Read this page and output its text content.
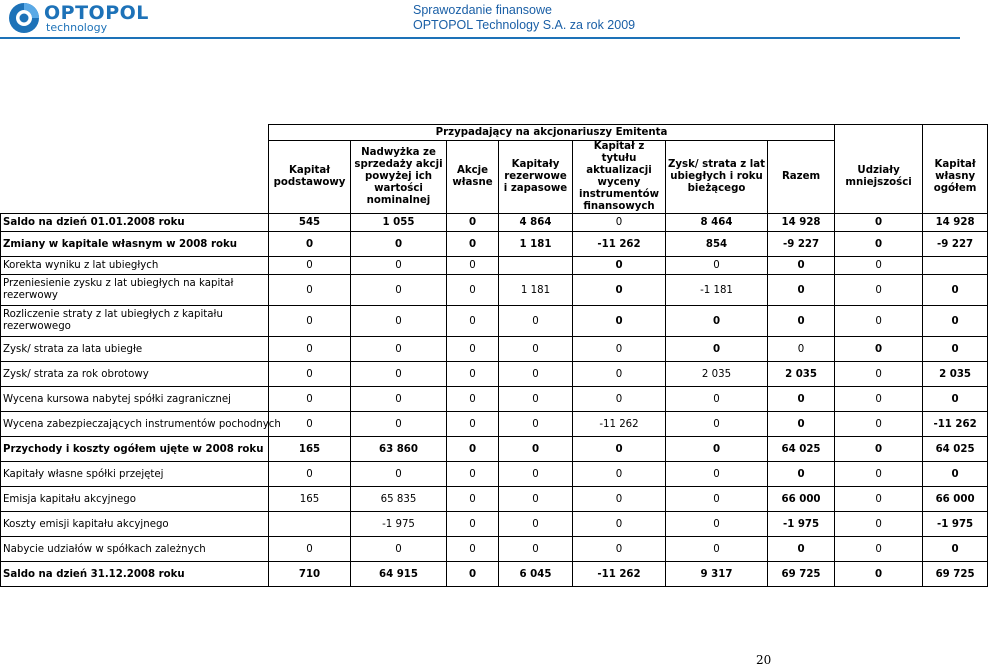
OPTOPOL
technology
Sprawozdanie finansowe
OPTOPOL Technology S.A. za rok 2009
	Przypadający na akcjonariuszy Emitenta								
	Kapitał podstawowy	Nadwyżka ze sprzedaży akcji powyżej ich wartości nominalnej	Akcje własne	Kapitały rezerwowe i zapasowe	Kapitał z tytułu aktualizacji wyceny instrumentów finansowych	Zysk/ strata z lat ubiegłych i roku bieżącego	Razem	Udziały mniejszości	Kapitał własny ogółem
Saldo na dzień 01.01.2008 roku	545	1 055	0	4 864	0	8 464	14 928	0	14 928
Zmiany w kapitale własnym w 2008 roku	0	0	0	1 181	-11 262	854	-9 227	0	-9 227
Korekta wyniku z lat ubiegłych	0	0	0		0	0	0	0	
Przeniesienie zysku z lat ubiegłych na kapitał rezerwowy	0	0	0	1 181	0	-1 181	0	0	0
Rozliczenie straty z lat ubiegłych z kapitału rezerwowego	0	0	0	0	0	0	0	0	0
Zysk/ strata za lata ubiegłe	0	0	0	0	0	0	0	0	0
Zysk/ strata za rok obrotowy	0	0	0	0	0	2 035	2 035	0	2 035
Wycena kursowa nabytej spółki zagranicznej	0	0	0	0	0	0	0	0	0
Wycena zabezpieczających instrumentów pochodnych	0	0	0	0	-11 262	0	0	0	-11 262
Przychody i koszty ogółem ujęte w 2008 roku	165	63 860	0	0	0	0	64 025	0	64 025
Kapitały własne spółki przejętej	0	0	0	0	0	0	0	0	0
Emisja kapitału akcyjnego	165	65 835	0	0	0	0	66 000	0	66 000
Koszty emisji kapitału akcyjnego		-1 975	0	0	0	0	-1 975	0	-1 975
Nabycie udziałów w spółkach zależnych	0	0	0	0	0	0	0	0	0
Saldo na dzień 31.12.2008 roku	710	64 915	0	6 045	-11 262	9 317	69 725	0	69 725
20
